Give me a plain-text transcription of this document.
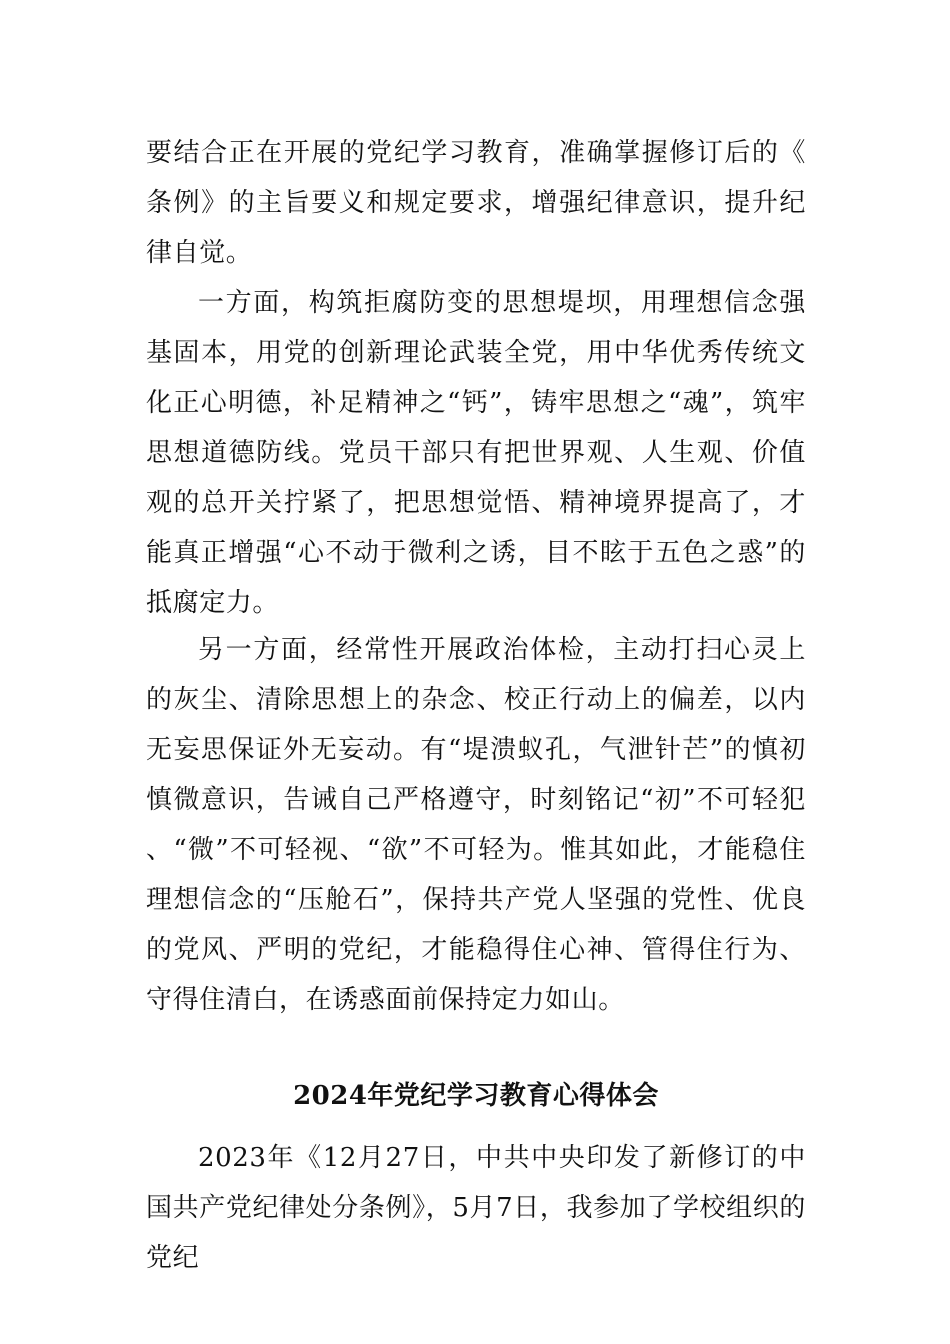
要结合正在开展的党纪学习教育，准确掌握修订后的《条例》的主旨要义和规定要求，增强纪律意识，提升纪律自觉。

一方面，构筑拒腐防变的思想堤坝，用理想信念强基固本，用党的创新理论武装全党，用中华优秀传统文化正心明德，补足精神之“钙”，铸牢思想之“魂”，筑牢思想道德防线。党员干部只有把世界观、人生观、价值观的总开关拧紧了，把思想觉悟、精神境界提高了，才能真正增强“心不动于微利之诱，目不眩于五色之惑”的抵腐定力。

另一方面，经常性开展政治体检，主动打扫心灵上的灰尘、清除思想上的杂念、校正行动上的偏差，以内无妄思保证外无妄动。有“堤溃蚁孔，气泄针芒”的慎初慎微意识，告诫自己严格遵守，时刻铭记“初”不可轻犯、“微”不可轻视、“欲”不可轻为。惟其如此，才能稳住理想信念的“压舱石”，保持共产党人坚强的党性、优良的党风、严明的党纪，才能稳得住心神、管得住行为、守得住清白，在诱惑面前保持定力如山。

2024年党纪学习教育心得体会

2023年《12月27日，中共中央印发了新修订的中国共产党纪律处分条例》，5月7日，我参加了学校组织的党纪
